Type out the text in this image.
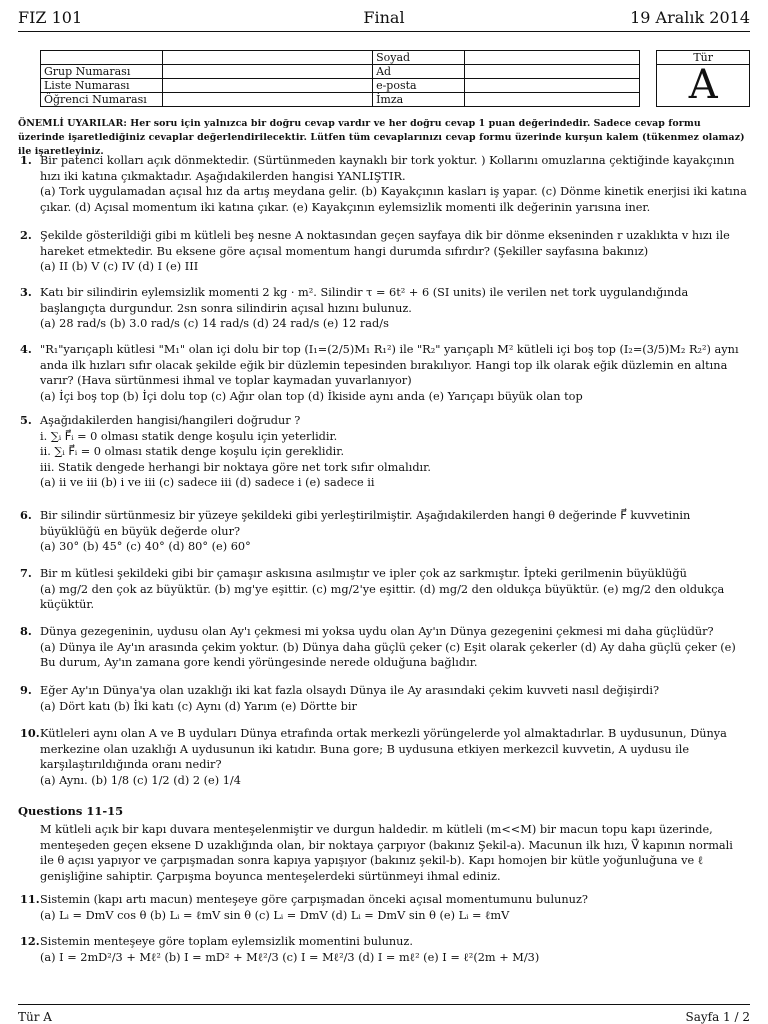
FIZ 101	Final	19 Aralık 2014
		Soyad			Tür
Grup Numarası		Ad			A
Liste Numarası		e-posta			
Öğrenci Numarası		İmza			
ÖNEMLİ UYARILAR: Her soru için yalnızca bir doğru cevap vardır ve her doğru cevap 1 puan değerindedir. Sadece cevap formu üzerinde işaretlediğiniz cevaplar değerlendirilecektir. Lütfen tüm cevaplarınızı cevap formu üzerinde kurşun kalem (tükenmez olamaz) ile işaretleyiniz.
1. Bir patenci kolları açık dönmektedir. (Sürtünmeden kaynaklı bir tork yoktur. ) Kollarını omuzlarına çektiğinde kayakçının hızı iki katına çıkmaktadır. Aşağıdakilerden hangisi YANLIŞTIR.
(a) Tork uygulamadan açısal hız da artış meydana gelir. (b) Kayakçının kasları iş yapar. (c) Dönme kinetik enerjisi iki katına çıkar. (d) Açısal momentum iki katına çıkar. (e) Kayakçının eylemsizlik momenti ilk değerinin yarısına iner.
2. Şekilde gösterildiği gibi m kütleli beş nesne A noktasından geçen sayfaya dik bir dönme ekseninden r uzaklıkta v hızı ile hareket etmektedir. Bu eksene göre açısal momentum hangi durumda sıfırdır? (Şekiller sayfasına bakınız)
(a) II (b) V (c) IV (d) I (e) III
3. Katı bir silindirin eylemsizlik momenti 2 kg · m². Silindir τ = 6t² + 6 (SI units) ile verilen net tork uygulandığında başlangıçta durgundur. 2sn sonra silindirin açısal hızını bulunuz.
(a) 28 rad/s (b) 3.0 rad/s (c) 14 rad/s (d) 24 rad/s (e) 12 rad/s
4. "R₁"yarıçaplı kütlesi "M₁" olan içi dolu bir top (I₁=(2/5)M₁ R₁²) ile "R₂" yarıçaplı M² kütleli içi boş top (I₂=(3/5)M₂ R₂²) aynı anda ilk hızları sıfır olacak şekilde eğik bir düzlemin tepesinden bırakılıyor. Hangi top ilk olarak eğik düzlemin en altına varır? (Hava sürtünmesi ihmal ve toplar kaymadan yuvarlanıyor)
(a) İçi boş top (b) İçi dolu top (c) Ağır olan top (d) İkiside aynı anda (e) Yarıçapı büyük olan top
5. Aşağıdakilerden hangisi/hangileri doğrudur ?
i. ∑ᵢ F⃗ᵢ = 0 olması statik denge koşulu için yeterlidir.
ii. ∑ᵢ F⃗ᵢ = 0 olması statik denge koşulu için gereklidir.
iii. Statik dengede herhangi bir noktaya göre net tork sıfır olmalıdır.
(a) ii ve iii (b) i ve iii (c) sadece iii (d) sadece i (e) sadece ii
6. Bir silindir sürtünmesiz bir yüzeye şekildeki gibi yerleştirilmiştir. Aşağıdakilerden hangi θ değerinde F⃗ kuvvetinin büyüklüğü en büyük değerde olur?
(a) 30° (b) 45° (c) 40° (d) 80° (e) 60°
7. Bir m kütlesi şekildeki gibi bir çamaşır askısına asılmıştır ve ipler çok az sarkmıştır. İpteki gerilmenin büyüklüğü
(a) mg/2 den çok az büyüktür. (b) mg'ye eşittir. (c) mg/2'ye eşittir. (d) mg/2 den oldukça büyüktür. (e) mg/2 den oldukça küçüktür.
8. Dünya gezegeninin, uydusu olan Ay'ı çekmesi mi yoksa uydu olan Ay'ın Dünya gezegenini çekmesi mi daha güçlüdür?
(a) Dünya ile Ay'ın arasında çekim yoktur. (b) Dünya daha güçlü çeker (c) Eşit olarak çekerler (d) Ay daha güçlü çeker (e) Bu durum, Ay'ın zamana gore kendi yörüngesinde nerede olduğuna bağlıdır.
9. Eğer Ay'ın Dünya'ya olan uzaklığı iki kat fazla olsaydı Dünya ile Ay arasındaki çekim kuvveti nasıl değişirdi?
(a) Dört katı (b) İki katı (c) Aynı (d) Yarım (e) Dörtte bir
10. Kütleleri aynı olan A ve B uyduları Dünya etrafında ortak merkezli yörüngelerde yol almaktadırlar. B uydusunun, Dünya merkezine olan uzaklığı A uydusunun iki katıdır. Buna gore; B uydusuna etkiyen merkezcil kuvvetin, A uydusu ile karşılaştırıldığında oranı nedir?
(a) Aynı. (b) 1/8 (c) 1/2 (d) 2 (e) 1/4
Questions 11-15
M kütleli açık bir kapı duvara menteşelenmiştir ve durgun haldedir. m kütleli (m<<M) bir macun topu kapı üzerinde, menteşeden geçen eksene D uzaklığında olan, bir noktaya çarpıyor (bakınız Şekil-a). Macunun ilk hızı, V⃗ kapının normali ile θ açısı yapıyor ve çarpışmadan sonra kapıya yapışıyor (bakınız şekil-b). Kapı homojen bir kütle yoğunluğuna ve ℓ genişliğine sahiptir. Çarpışma boyunca menteşelerdeki sürtünmeyi ihmal ediniz.
11. Sistemin (kapı artı macun) menteşeye göre çarpışmadan önceki açısal momentumunu bulunuz?
(a) Lᵢ = DmV cos θ (b) Lᵢ = ℓmV sin θ (c) Lᵢ = DmV (d) Lᵢ = DmV sin θ (e) Lᵢ = ℓmV
12. Sistemin menteşeye göre toplam eylemsizlik momentini bulunuz.
(a) I = 2mD²/3 + Mℓ² (b) I = mD² + Mℓ²/3 (c) I = Mℓ²/3 (d) I = mℓ² (e) I = ℓ²(2m + M/3)
Tür A	Sayfa 1 / 2
